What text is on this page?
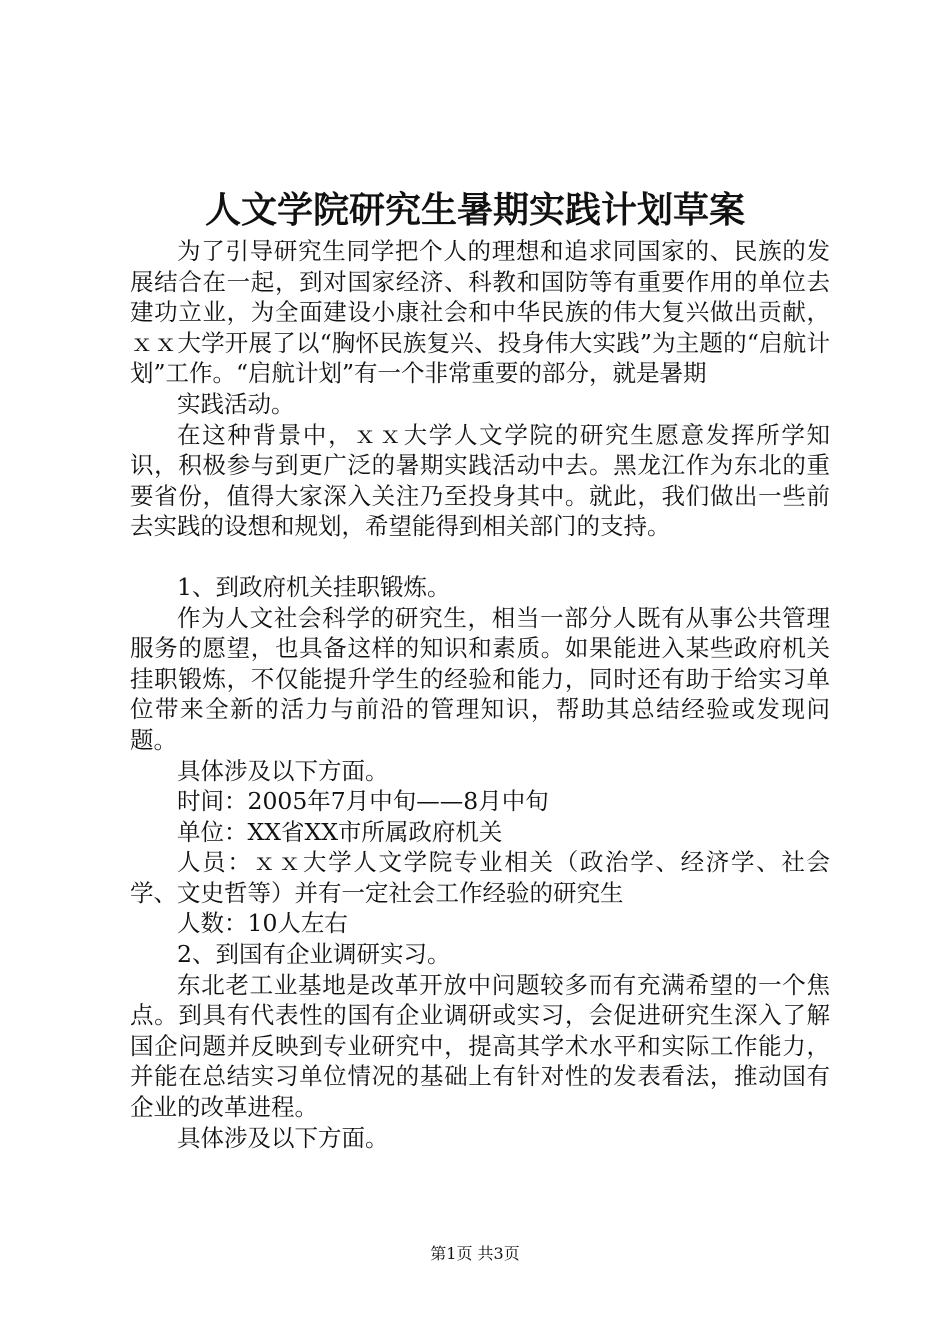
人文学院研究生暑期实践计划草案

为了引导研究生同学把个人的理想和追求同国家的、民族的发展结合在一起，到对国家经济、科教和国防等有重要作用的单位去建功立业，为全面建设小康社会和中华民族的伟大复兴做出贡献，ｘｘ大学开展了以“胸怀民族复兴、投身伟大实践”为主题的“启航计划”工作。“启航计划”有一个非常重要的部分，就是暑期

实践活动。

在这种背景中，ｘｘ大学人文学院的研究生愿意发挥所学知识，积极参与到更广泛的暑期实践活动中去。黑龙江作为东北的重要省份，值得大家深入关注乃至投身其中。就此，我们做出一些前去实践的设想和规划，希望能得到相关部门的支持。

1、到政府机关挂职锻炼。

作为人文社会科学的研究生，相当一部分人既有从事公共管理服务的愿望，也具备这样的知识和素质。如果能进入某些政府机关挂职锻炼，不仅能提升学生的经验和能力，同时还有助于给实习单位带来全新的活力与前沿的管理知识，帮助其总结经验或发现问题。

具体涉及以下方面。

时间：2005年7月中旬——8月中旬

单位：XX省XX市所属政府机关

人员：ｘｘ大学人文学院专业相关（政治学、经济学、社会学、文史哲等）并有一定社会工作经验的研究生

人数：10人左右

2、到国有企业调研实习。

东北老工业基地是改革开放中问题较多而有充满希望的一个焦点。到具有代表性的国有企业调研或实习，会促进研究生深入了解国企问题并反映到专业研究中，提高其学术水平和实际工作能力，并能在总结实习单位情况的基础上有针对性的发表看法，推动国有企业的改革进程。

具体涉及以下方面。

第1页 共3页
